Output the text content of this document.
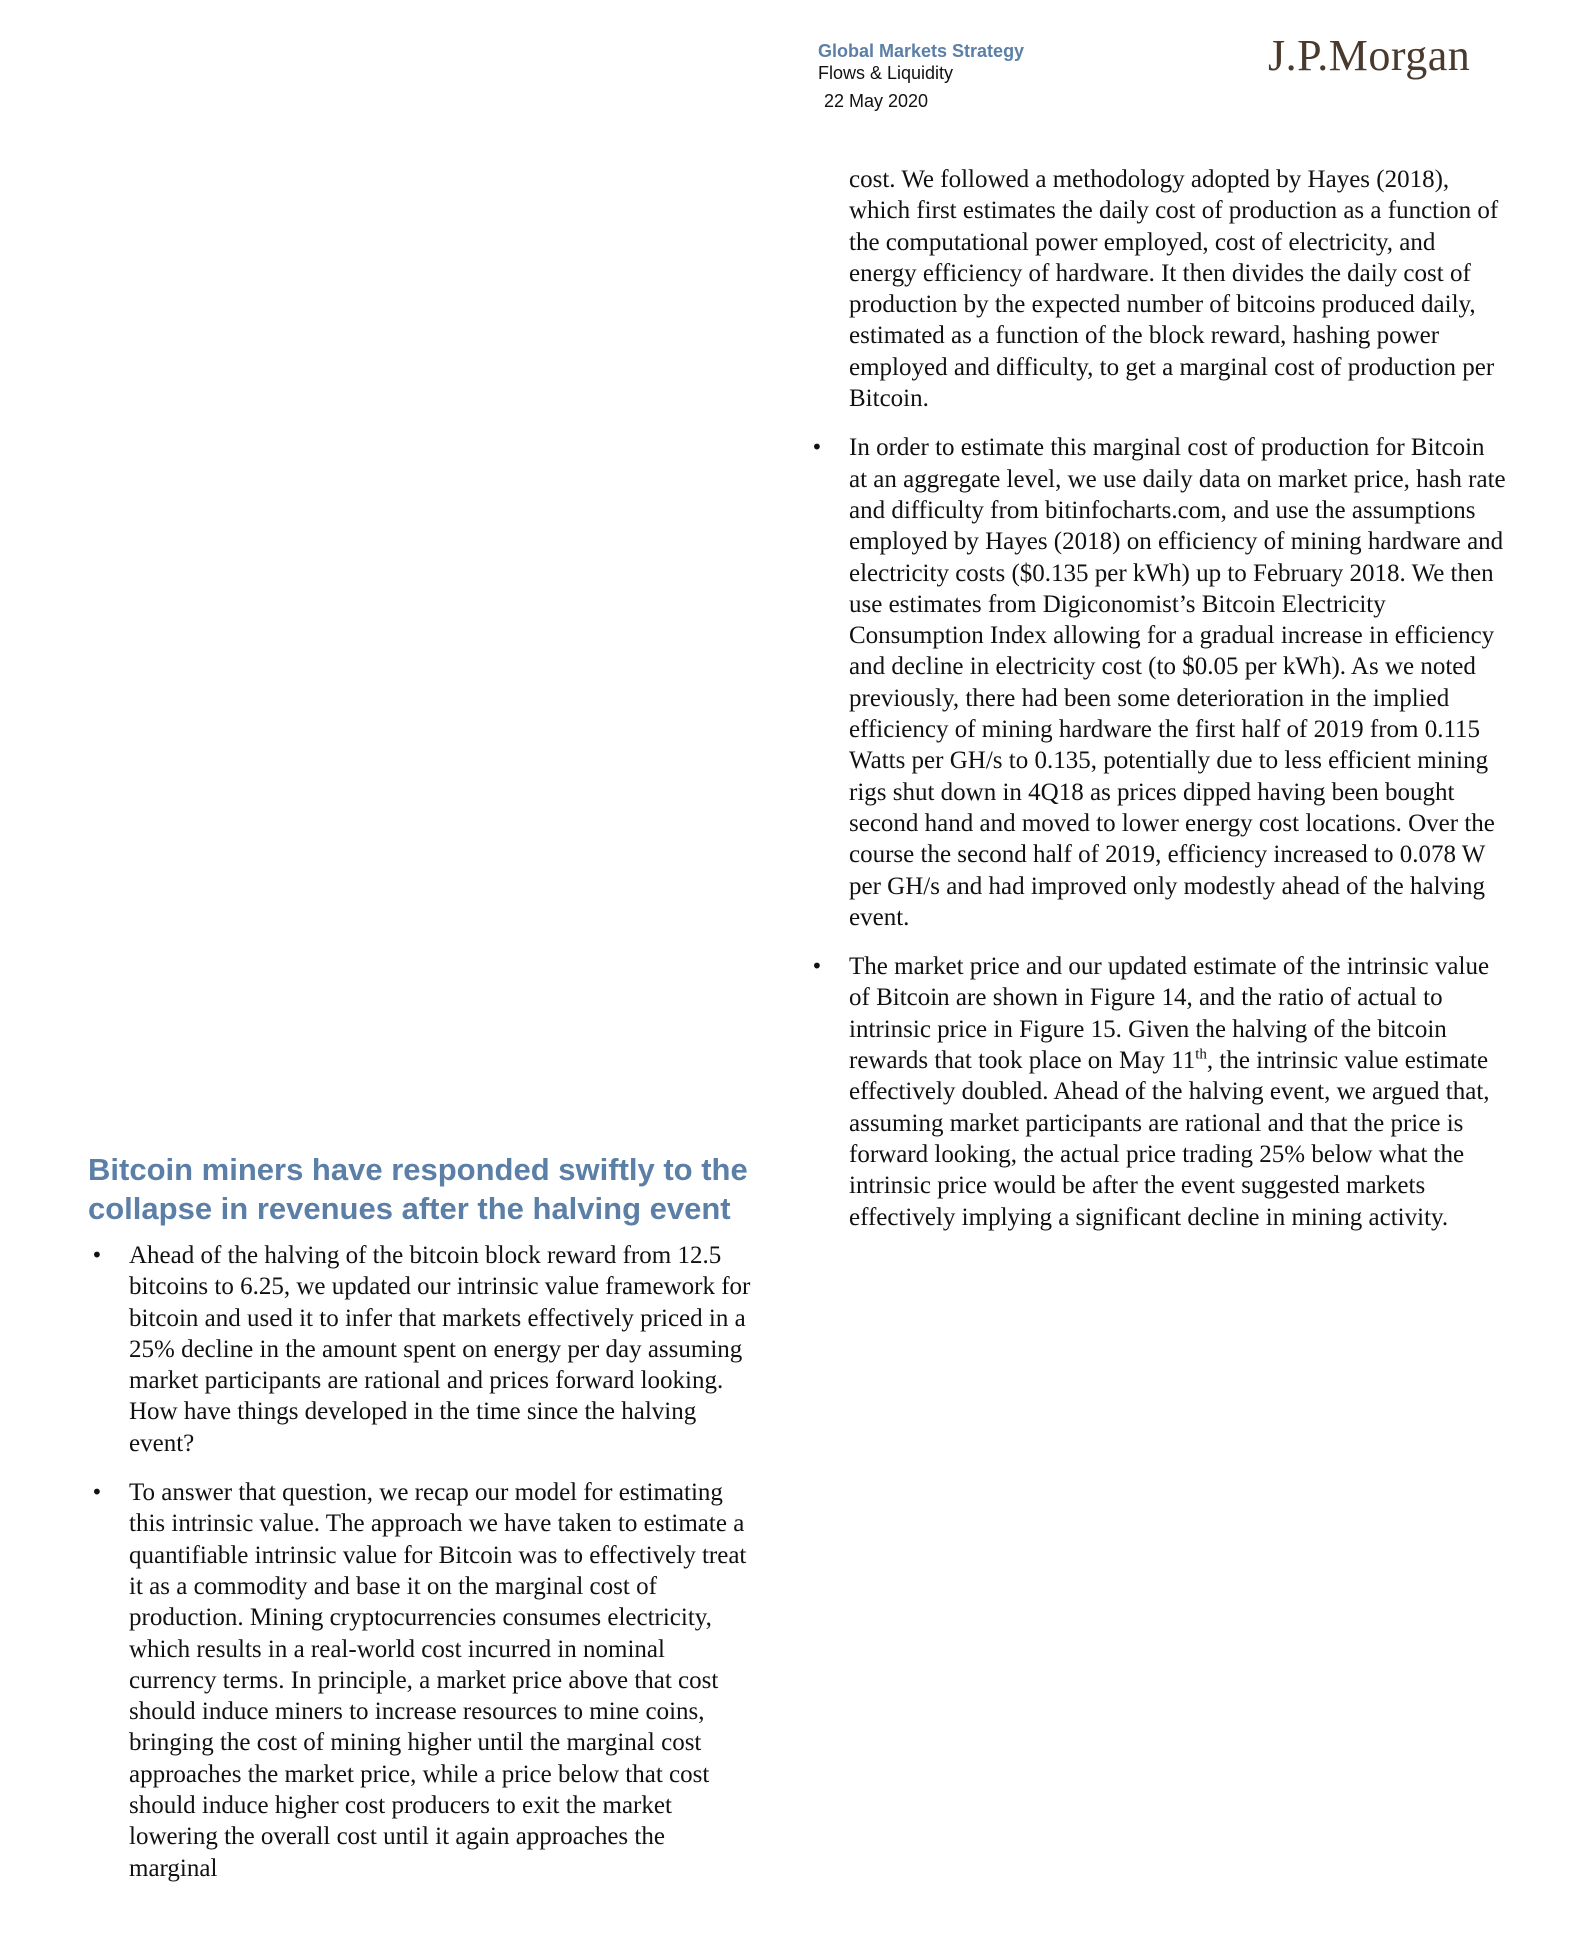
Global Markets Strategy
Flows & Liquidity
22 May 2020
J.P.Morgan
Bitcoin miners have responded swiftly to the collapse in revenues after the halving event
• Ahead of the halving of the bitcoin block reward from 12.5 bitcoins to 6.25, we updated our intrinsic value framework for bitcoin and used it to infer that markets effectively priced in a 25% decline in the amount spent on energy per day assuming market participants are rational and prices forward looking. How have things developed in the time since the halving event?
• To answer that question, we recap our model for estimating this intrinsic value. The approach we have taken to estimate a quantifiable intrinsic value for Bitcoin was to effectively treat it as a commodity and base it on the marginal cost of production. Mining cryptocurrencies consumes electricity, which results in a real-world cost incurred in nominal currency terms. In principle, a market price above that cost should induce miners to increase resources to mine coins, bringing the cost of mining higher until the marginal cost approaches the market price, while a price below that cost should induce higher cost producers to exit the market lowering the overall cost until it again approaches the marginal
cost. We followed a methodology adopted by Hayes (2018), which first estimates the daily cost of production as a function of the computational power employed, cost of electricity, and energy efficiency of hardware. It then divides the daily cost of production by the expected number of bitcoins produced daily, estimated as a function of the block reward, hashing power employed and difficulty, to get a marginal cost of production per Bitcoin.
• In order to estimate this marginal cost of production for Bitcoin at an aggregate level, we use daily data on market price, hash rate and difficulty from bitinfocharts.com, and use the assumptions employed by Hayes (2018) on efficiency of mining hardware and electricity costs ($0.135 per kWh) up to February 2018. We then use estimates from Digiconomist’s Bitcoin Electricity Consumption Index allowing for a gradual increase in efficiency and decline in electricity cost (to $0.05 per kWh). As we noted previously, there had been some deterioration in the implied efficiency of mining hardware the first half of 2019 from 0.115 Watts per GH/s to 0.135, potentially due to less efficient mining rigs shut down in 4Q18 as prices dipped having been bought second hand and moved to lower energy cost locations. Over the course the second half of 2019, efficiency increased to 0.078 W per GH/s and had improved only modestly ahead of the halving event.
• The market price and our updated estimate of the intrinsic value of Bitcoin are shown in Figure 14, and the ratio of actual to intrinsic price in Figure 15. Given the halving of the bitcoin rewards that took place on May 11th, the intrinsic value estimate effectively doubled. Ahead of the halving event, we argued that, assuming market participants are rational and that the price is forward looking, the actual price trading 25% below what the intrinsic price would be after the event suggested markets effectively implying a significant decline in mining activity.
